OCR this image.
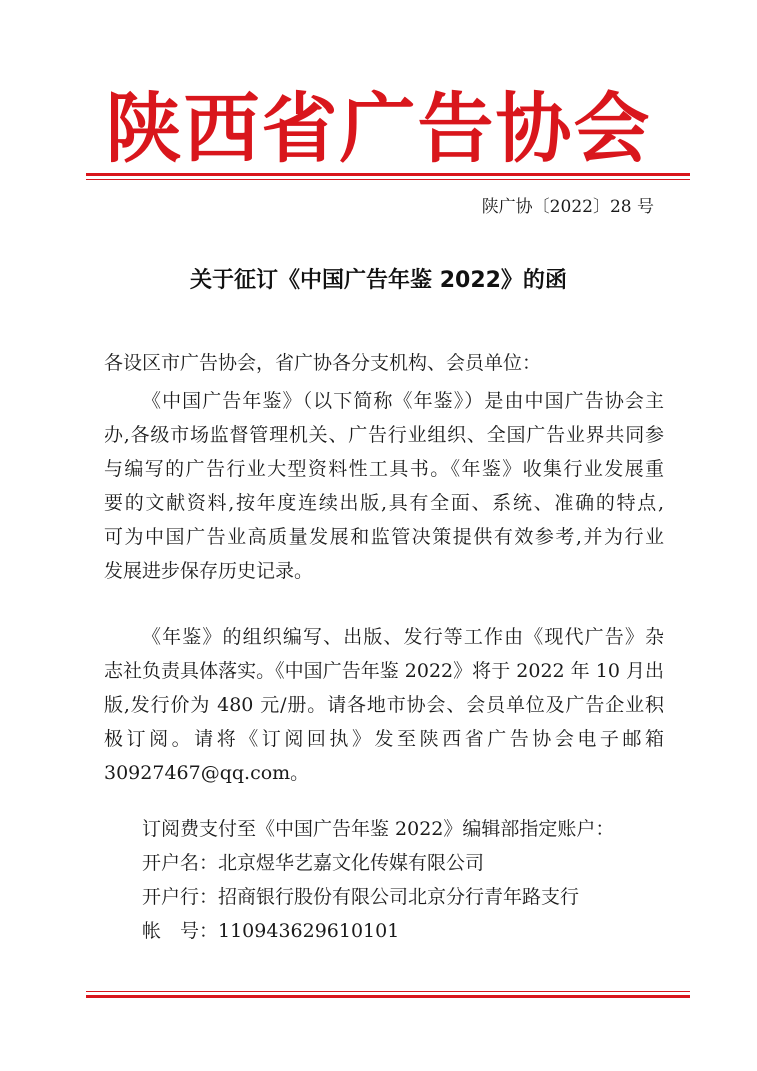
陕西省广告协会
陕广协〔2022〕28 号
关于征订《中国广告年鉴 2022》的函
各设区市广告协会，省广协各分支机构、会员单位：
《中国广告年鉴》（以下简称《年鉴》）是由中国广告协会主
办,各级市场监督管理机关、广告行业组织、全国广告业界共同参
与编写的广告行业大型资料性工具书。《年鉴》收集行业发展重
要的文献资料,按年度连续出版,具有全面、系统、准确的特点,
可为中国广告业高质量发展和监管决策提供有效参考,并为行业
发展进步保存历史记录。
《年鉴》的组织编写、出版、发行等工作由《现代广告》杂
志社负责具体落实。《中国广告年鉴 2022》将于 2022 年 10 月出
版,发行价为 480 元/册。请各地市协会、会员单位及广告企业积
极订阅。请将《订阅回执》发至陕西省广告协会电子邮箱
30927467@qq.com。
订阅费支付至《中国广告年鉴 2022》编辑部指定账户：
开户名：北京煜华艺嘉文化传媒有限公司
开户行：招商银行股份有限公司北京分行青年路支行
帐　号：110943629610101
